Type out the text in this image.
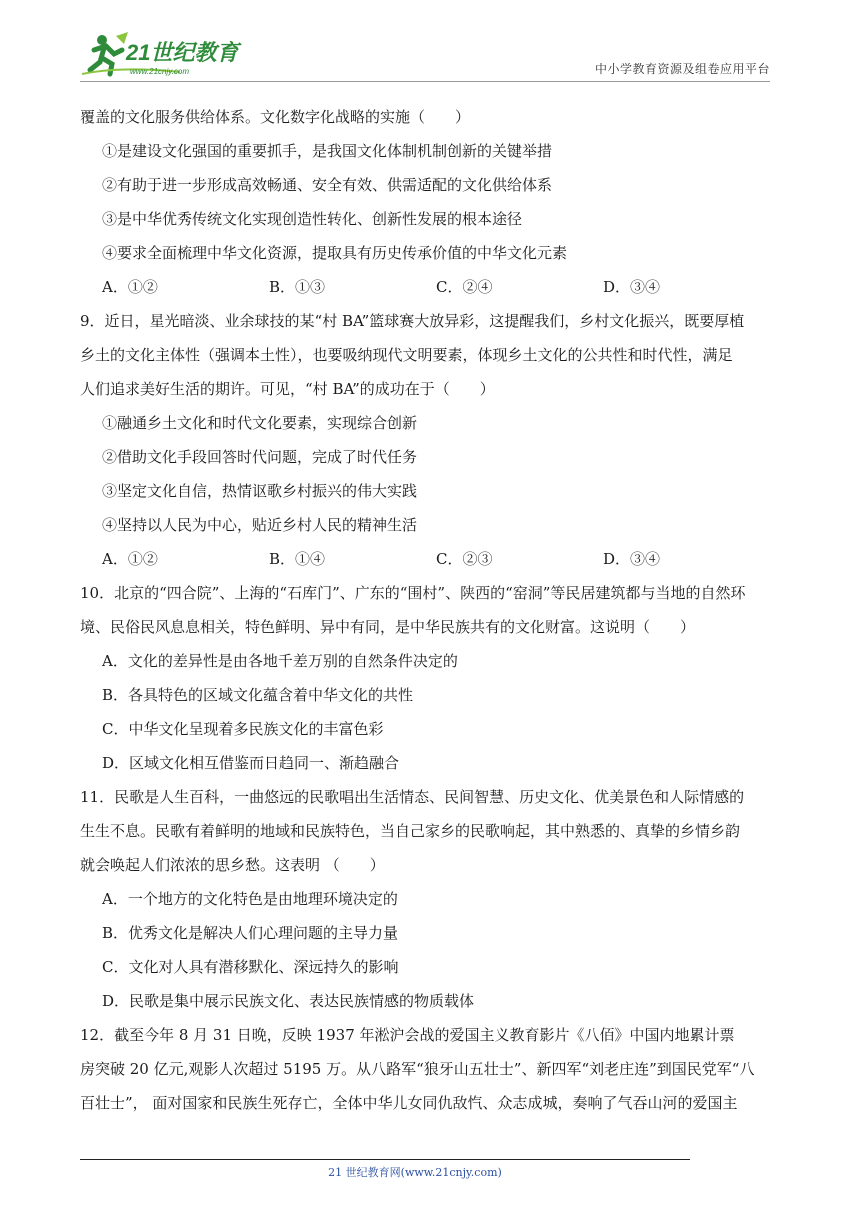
21世纪教育
www.21cnjy.com	中小学教育资源及组卷应用平台
覆盖的文化服务供给体系。文化数字化战略的实施（　　）
①是建设文化强国的重要抓手，是我国文化体制机制创新的关键举措
②有助于进一步形成高效畅通、安全有效、供需适配的文化供给体系
③是中华优秀传统文化实现创造性转化、创新性发展的根本途径
④要求全面梳理中华文化资源，提取具有历史传承价值的中华文化元素
A．①②	B．①③	C．②④	D．③④
9．近日，星光暗淡、业余球技的某“村 BA”篮球赛大放异彩，这提醒我们，乡村文化振兴，既要厚植
乡土的文化主体性（强调本土性），也要吸纳现代文明要素，体现乡土文化的公共性和时代性，满足
人们追求美好生活的期许。可见，“村 BA”的成功在于（　　）
①融通乡土文化和时代文化要素，实现综合创新
②借助文化手段回答时代问题，完成了时代任务
③坚定文化自信，热情讴歌乡村振兴的伟大实践
④坚持以人民为中心，贴近乡村人民的精神生活
A．①②	B．①④	C．②③	D．③④
10．北京的“四合院”、上海的“石库门”、广东的“围村”、陕西的“窑洞”等民居建筑都与当地的自然环
境、民俗民风息息相关，特色鲜明、异中有同，是中华民族共有的文化财富。这说明（　　）
A．文化的差异性是由各地千差万别的自然条件决定的
B．各具特色的区域文化蕴含着中华文化的共性
C．中华文化呈现着多民族文化的丰富色彩
D．区域文化相互借鉴而日趋同一、渐趋融合
11．民歌是人生百科，一曲悠远的民歌唱出生活情态、民间智慧、历史文化、优美景色和人际情感的
生生不息。民歌有着鲜明的地域和民族特色，当自己家乡的民歌响起，其中熟悉的、真挚的乡情乡韵
就会唤起人们浓浓的思乡愁。这表明 （　　）
A．一个地方的文化特色是由地理环境决定的
B．优秀文化是解决人们心理问题的主导力量
C．文化对人具有潜移默化、深远持久的影响
D．民歌是集中展示民族文化、表达民族情感的物质载体
12．截至今年 8 月 31 日晚，反映 1937 年淞沪会战的爱国主义教育影片《八佰》中国内地累计票
房突破 20 亿元,观影人次超过 5195 万。从八路军“狼牙山五壮士”、新四军“刘老庄连”到国民党军“八
百壮士”， 面对国家和民族生死存亡，全体中华儿女同仇敌忾、众志成城，奏响了气吞山河的爱国主
21 世纪教育网(www.21cnjy.com)
